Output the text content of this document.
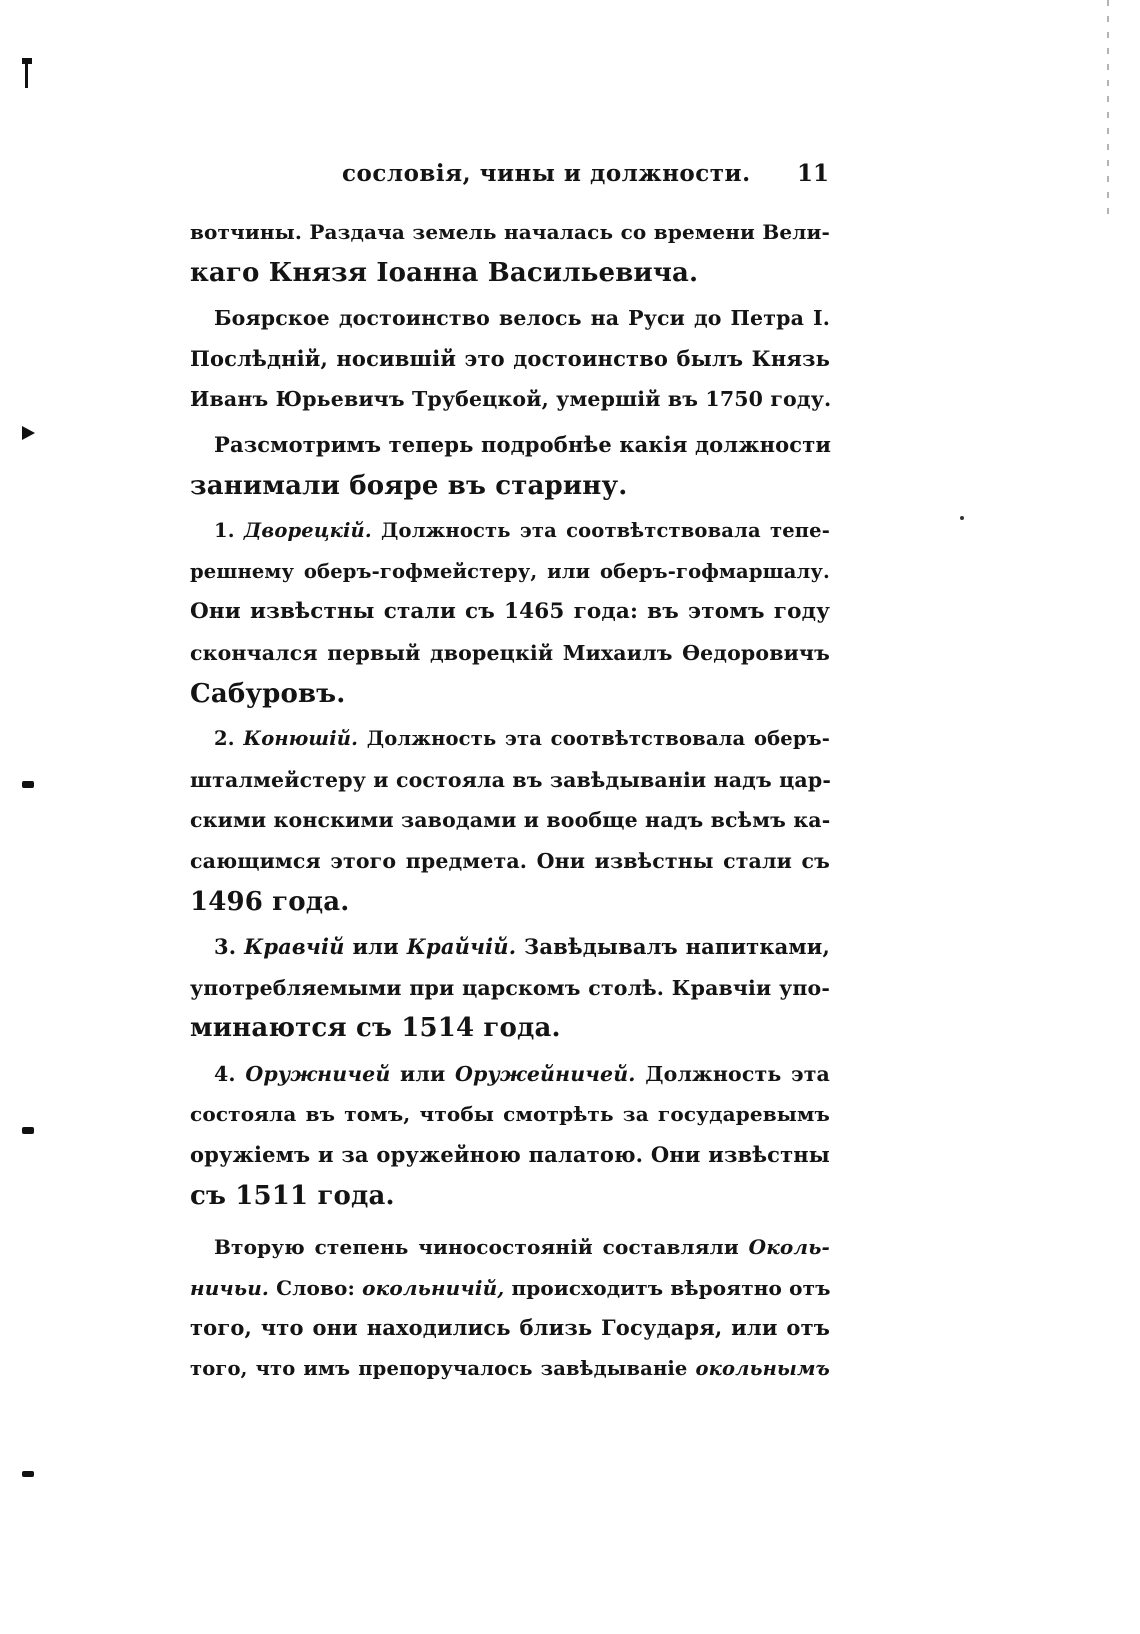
сословія, чины и должности. 11
вотчины. Раздача земель началась со времени Вели-
каго Князя Іоанна Васильевича.
Боярское достоинство велось на Руси до Петра I.
Послѣдній, носившій это достоинство былъ Князь
Иванъ Юрьевичъ Трубецкой, умершій въ 1750 году.
Разсмотримъ теперь подробнѣе какія должности
занимали бояре въ старину.
1. Дворецкій. Должность эта соотвѣтствовала тепе-
решнему оберъ-гофмейстеру, или оберъ-гофмаршалу.
Они извѣстны стали съ 1465 года: въ этомъ году
скончался первый дворецкій Михаилъ Ѳедоровичъ
Сабуровъ.
2. Конюшій. Должность эта соотвѣтствовала оберъ-
шталмейстеру и состояла въ завѣдываніи надъ цар-
скими конскими заводами и вообще надъ всѣмъ ка-
сающимся этого предмета. Они извѣстны стали съ
1496 года.
3. Кравчій или Крайчій. Завѣдывалъ напитками,
употребляемыми при царскомъ столѣ. Кравчіи упо-
минаются съ 1514 года.
4. Оружничей или Оружейничей. Должность эта
состояла въ томъ, чтобы смотрѣть за государевымъ
оружіемъ и за оружейною палатою. Они извѣстны
съ 1511 года.
Вторую степень чиносостояній составляли Околь-
ничьи. Слово: окольничій, происходитъ вѣроятно отъ
того, что они находились близь Государя, или отъ
того, что имъ препоручалось завѣдываніе окольнымъ
